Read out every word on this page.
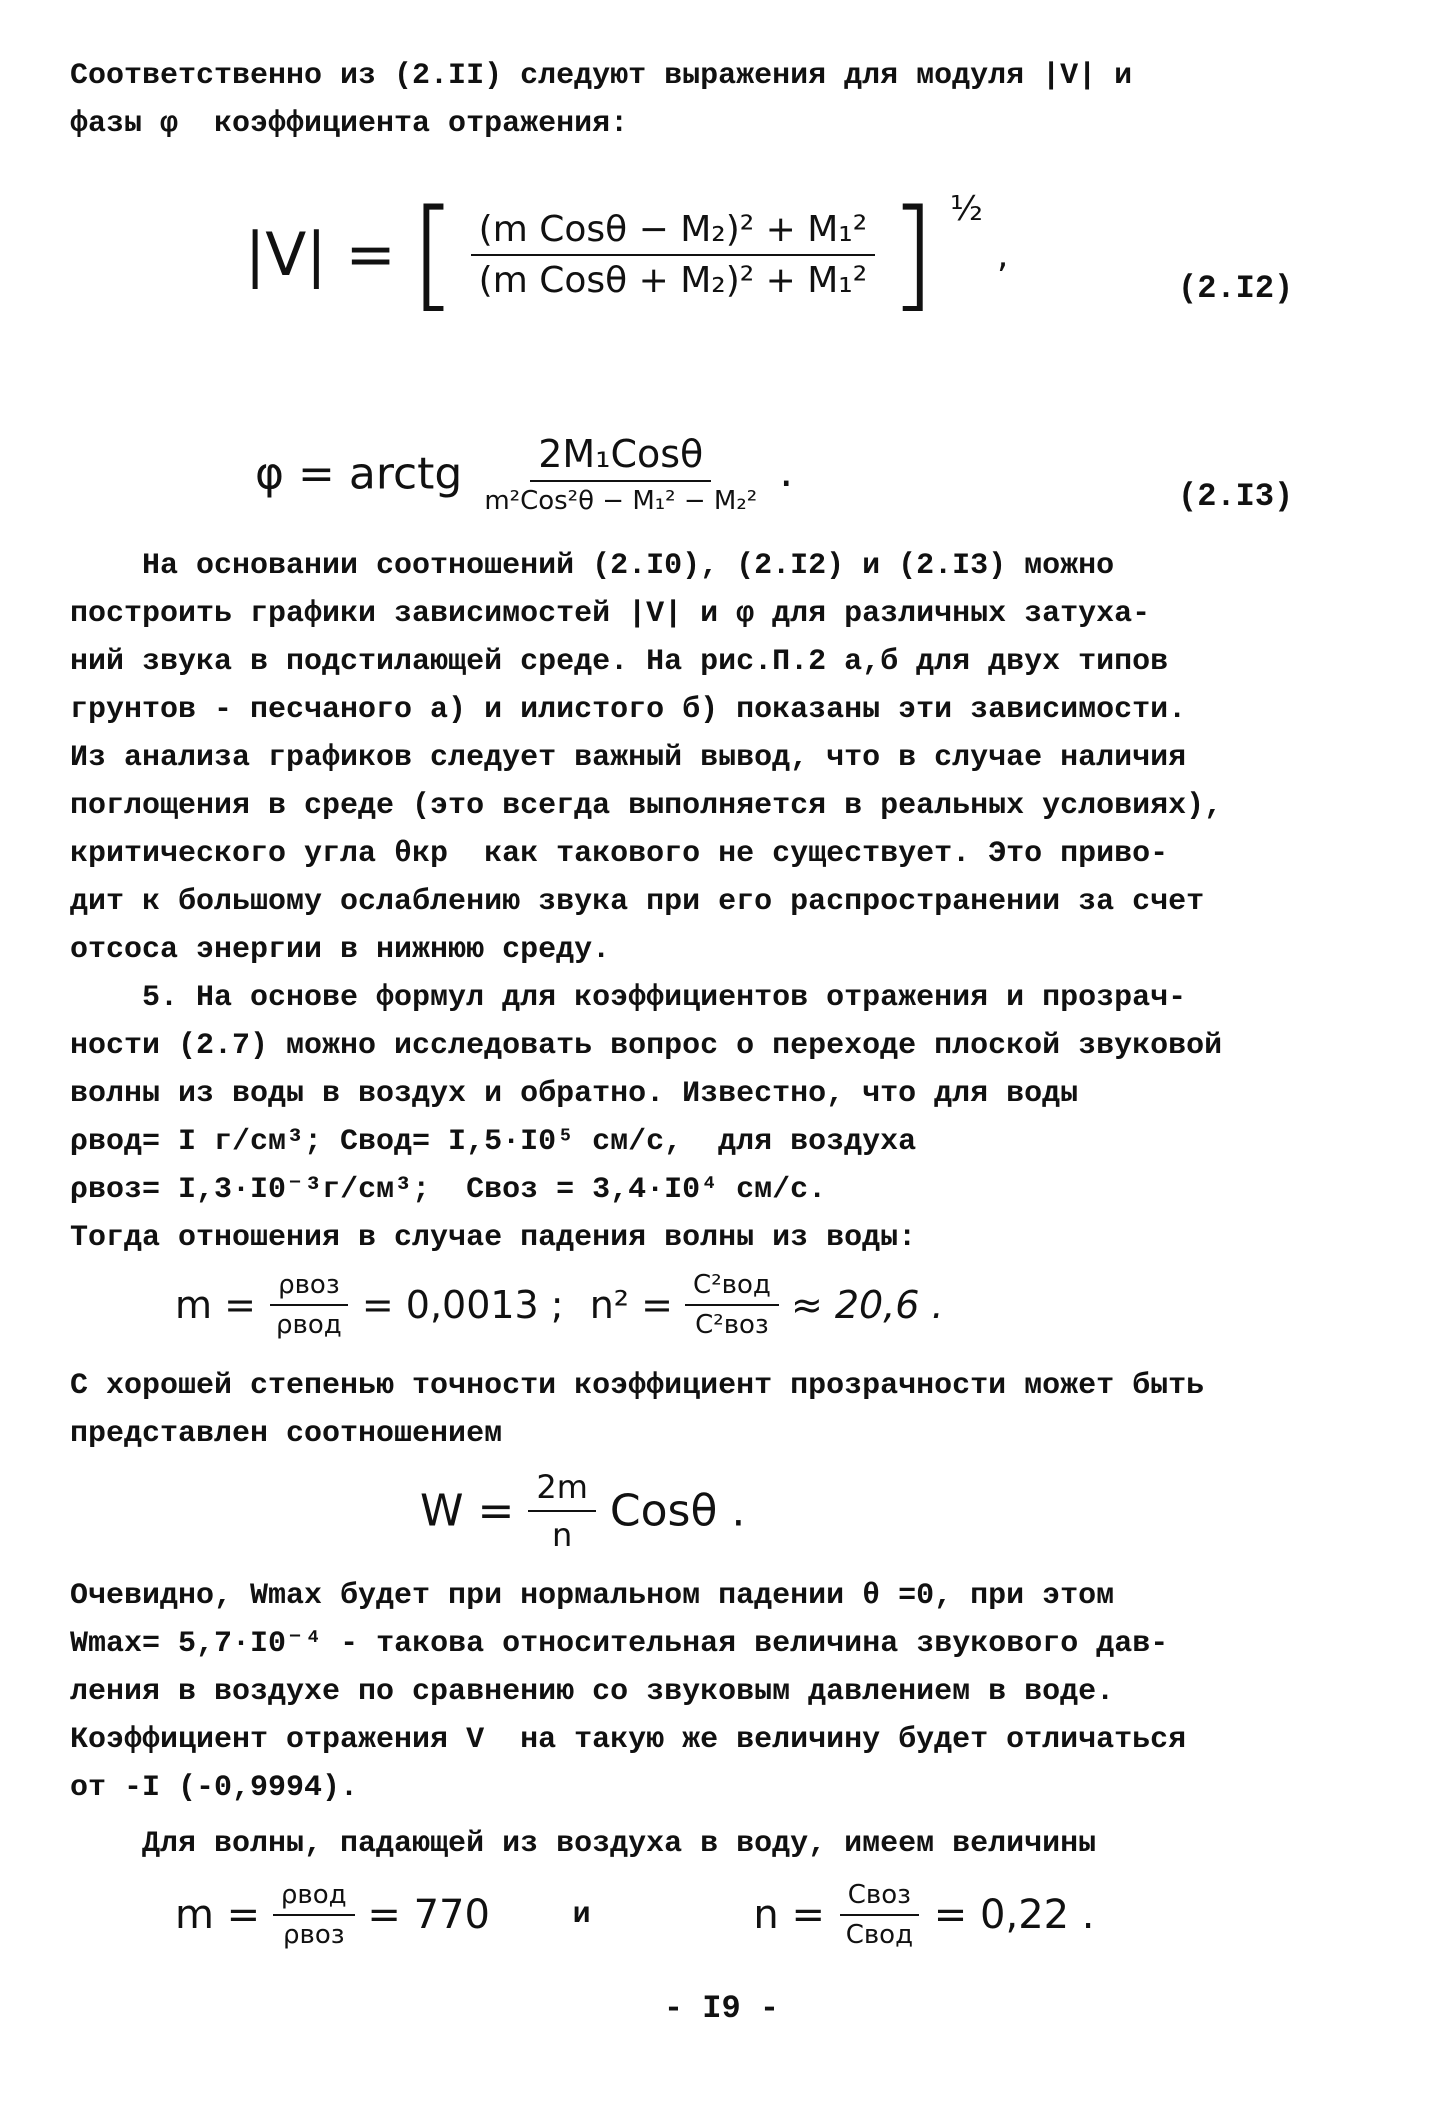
Соответственно из (2.II) следуют выражения для модуля |V| и
фазы φ  коэффициента отражения:
|V| = [ $\frac{\text{(m Cosθ − M₂)² + M₁²}}{\text{(m Cosθ + M₂)² + M₁²}}$ ] $^{\frac{1}{2}}$ ,
(2.I2)
φ = arctg $\frac{\text{2M₁Cosθ}}{\text{m²Cos²θ − M₁² − M₂²}}$ .	(2.I3)
На основании соотношений (2.I0), (2.I2) и (2.I3) можно
построить графики зависимостей |V| и φ для различных затуха-
ний звука в подстилающей среде. На рис.П.2 а,б для двух типов
грунтов - песчаного а) и илистого б) показаны эти зависимости.
Из анализа графиков следует важный вывод, что в случае наличия
поглощения в среде (это всегда выполняется в реальных условиях),
критического угла θкр  как такового не существует. Это приво-
дит к большому ослаблению звука при его распространении за счет
отсоса энергии в нижнюю среду.
5. На основе формул для коэффициентов отражения и прозрач-
ности (2.7) можно исследовать вопрос о переходе плоской звуковой
волны из воды в воздух и обратно. Известно, что для воды
ρвод= I г/см³; Cвод= I,5·I0⁵ см/с,  для воздуха
ρвоз= I,3·I0⁻³г/см³;  Cвоз = 3,4·I0⁴ см/с.
Тогда отношения в случае падения волны из воды:
$m = \frac{\text{ρвоз}}{\text{ρвод}} = 0,0013$ ; $n^2 = \frac{\text{C²вод}}{\text{C²воз}} \approx 20,6$ .
С хорошей степенью точности коэффициент прозрачности может быть
представлен соотношением
$W = \frac{2m}{n}$ Cosθ .
Очевидно, Wmax будет при нормальном падении θ =0, при этом
Wmax= 5,7·I0⁻⁴ - такова относительная величина звукового дав-
ления в воздухе по сравнению со звуковым давлением в воде.
Коэффициент отражения V  на такую же величину будет отличаться
от -I (-0,9994).
Для волны, падающей из воздуха в воду, имеем величины
$m = \frac{\text{ρвод}}{\text{ρвоз}} = 770$	и	$n = \frac{\text{Cвоз}}{\text{Cвод}} = 0,22$ .
- I9 -
